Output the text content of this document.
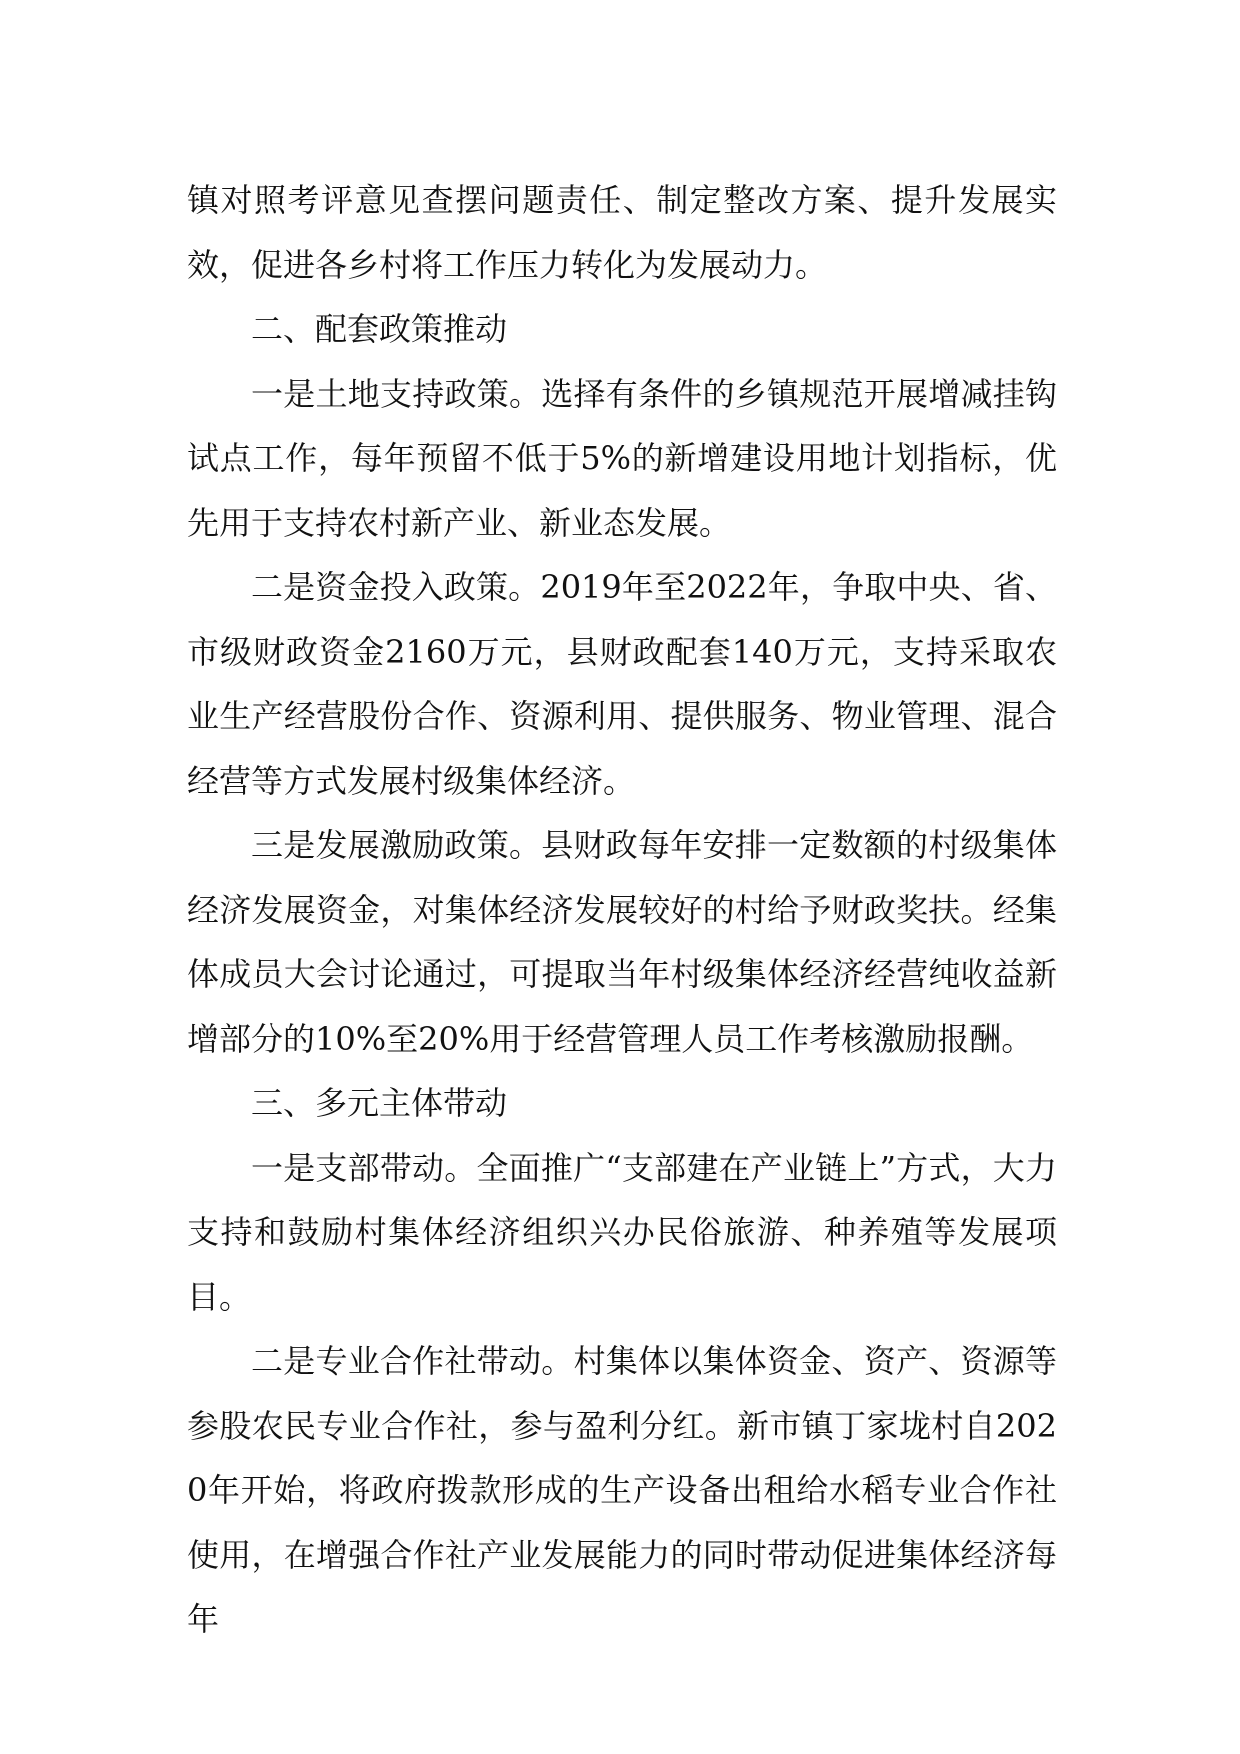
镇对照考评意见查摆问题责任、制定整改方案、提升发展实效，促进各乡村将工作压力转化为发展动力。

二、配套政策推动

一是土地支持政策。选择有条件的乡镇规范开展增减挂钩试点工作，每年预留不低于5%的新增建设用地计划指标，优先用于支持农村新产业、新业态发展。

二是资金投入政策。2019年至2022年，争取中央、省、市级财政资金2160万元，县财政配套140万元，支持采取农业生产经营股份合作、资源利用、提供服务、物业管理、混合经营等方式发展村级集体经济。

三是发展激励政策。县财政每年安排一定数额的村级集体经济发展资金，对集体经济发展较好的村给予财政奖扶。经集体成员大会讨论通过，可提取当年村级集体经济经营纯收益新增部分的10%至20%用于经营管理人员工作考核激励报酬。

三、多元主体带动

一是支部带动。全面推广“支部建在产业链上”方式，大力支持和鼓励村集体经济组织兴办民俗旅游、种养殖等发展项目。

二是专业合作社带动。村集体以集体资金、资产、资源等参股农民专业合作社，参与盈利分红。新市镇丁家垅村自2020年开始，将政府拨款形成的生产设备出租给水稻专业合作社使用，在增强合作社产业发展能力的同时带动促进集体经济每年
